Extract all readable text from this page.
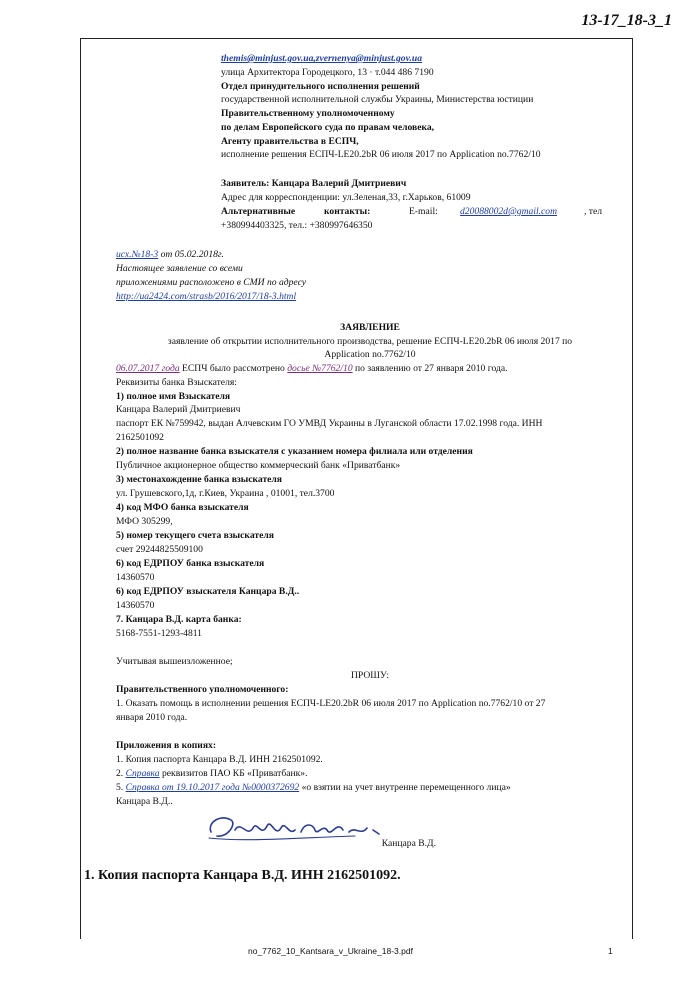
13-17_18-3_1
themis@minjust.gov.ua,zvernenya@minjust.gov.ua
улица Архитектора Городецкого, 13 · т.044 486 7190
Отдел принудительного исполнения решений
государственной исполнительной службы Украины, Министерства юстиции
Правительственному уполномоченному
по делам Европейского суда по правам человека,
Агенту правительства в ЕСПЧ,
исполнение решения ЕСПЧ-LE20.2bR 06 июля 2017 по Application no.7762/10
Заявитель: Канцара Валерий Дмитриевич
Адрес для корреспонденции: ул.Зеленая,33, г.Харьков, 61009
Альтернативные	контакты:	E-mail: d20088002d@gmail.com	, тел
+380994403325, тел.: +380997646350
исх.№18-3 от 05.02.2018г.
Настоящее заявление со всеми
приложениями расположено в СМИ по адресу
http://ua2424.com/strasb/2016/2017/18-3.html
ЗАЯВЛЕНИЕ
заявление об открытии исполнительного производства, решение ЕСПЧ-LE20.2bR 06 июля 2017 по
Application no.7762/10
06.07.2017 года ЕСПЧ было рассмотрено досье №7762/10 по заявлению от 27 января 2010 года.
Реквизиты банка Взыскателя:
1) полное имя Взыскателя
Канцара Валерий Дмитриевич
паспорт ЕК №759942, выдан Алчевским ГО УМВД Украины в Луганской области 17.02.1998 года. ИНН
2162501092
2) полное название банка взыскателя с указанием номера филиала или отделения
Публичное акционерное общество коммерческий банк «Приватбанк»
3) местонахождение банка взыскателя
ул. Грушевского,1д, г.Киев, Украина , 01001, тел.3700
4) код МФО банка взыскателя
МФО 305299,
5) номер текущего счета взыскателя
счет 29244825509100
6) код ЕДРПОУ банка взыскателя
14360570
6) код ЕДРПОУ взыскателя Канцара В.Д..
14360570
7. Канцара В.Д. карта банка:
5168-7551-1293-4811
Учитывая вышеизложенное;
ПРОШУ:
Правительственного уполномоченного:
1. Оказать помощь в исполнении решения ЕСПЧ-LE20.2bR 06 июля 2017 по Application no.7762/10 от 27
января 2010 года.
Приложения в копиях:
1. Копия паспорта Канцара В.Д. ИНН 2162501092.
2. Справка реквизитов ПАО КБ «Приватбанк».
5. Справка от 19.10.2017 года №0000372692 «о взятии на учет внутренне перемещенного лица»
Канцара В.Д..
Канцара В.Д.
1. Копия паспорта Канцара В.Д. ИНН 2162501092.
no_7762_10_Kantsara_v_Ukraine_18-3.pdf	1
